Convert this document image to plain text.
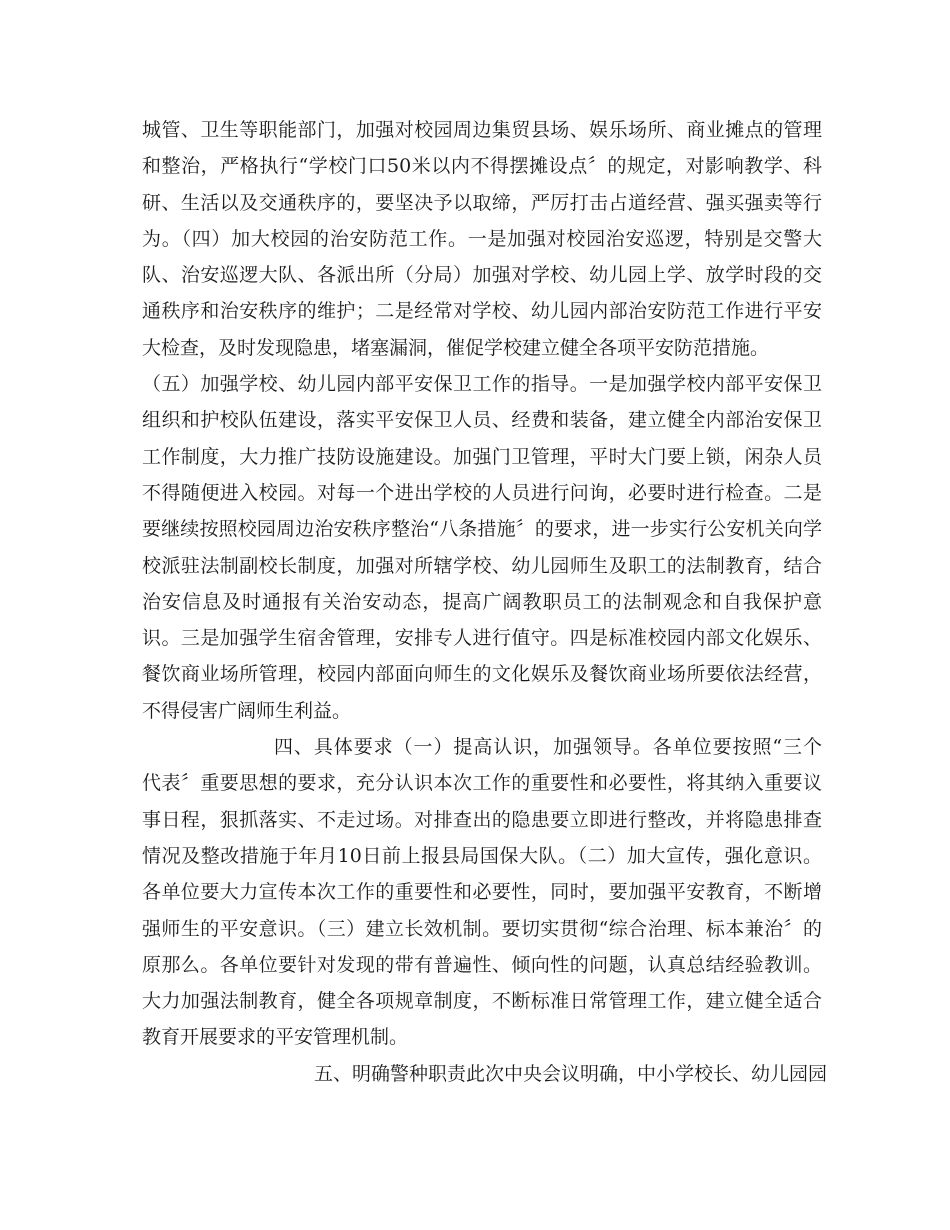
城管、卫生等职能部门，加强对校园周边集贸县场、娱乐场所、商业摊点的管理
和整治，严格执行“学校门口50米以内不得摆摊设点〞的规定，对影响教学、科
研、生活以及交通秩序的，要坚决予以取缔，严厉打击占道经营、强买强卖等行
为。（四）加大校园的治安防范工作。一是加强对校园治安巡逻，特别是交警大
队、治安巡逻大队、各派出所（分局）加强对学校、幼儿园上学、放学时段的交
通秩序和治安秩序的维护；二是经常对学校、幼儿园内部治安防范工作进行平安
大检查，及时发现隐患，堵塞漏洞，催促学校建立健全各项平安防范措施。
（五）加强学校、幼儿园内部平安保卫工作的指导。一是加强学校内部平安保卫
组织和护校队伍建设，落实平安保卫人员、经费和装备，建立健全内部治安保卫
工作制度，大力推广技防设施建设。加强门卫管理，平时大门要上锁，闲杂人员
不得随便进入校园。对每一个进出学校的人员进行问询，必要时进行检查。二是
要继续按照校园周边治安秩序整治“八条措施〞的要求，进一步实行公安机关向学
校派驻法制副校长制度，加强对所辖学校、幼儿园师生及职工的法制教育，结合
治安信息及时通报有关治安动态，提高广阔教职员工的法制观念和自我保护意
识。三是加强学生宿舍管理，安排专人进行值守。四是标准校园内部文化娱乐、
餐饮商业场所管理，校园内部面向师生的文化娱乐及餐饮商业场所要依法经营，
不得侵害广阔师生利益。
四、具体要求（一）提高认识，加强领导。各单位要按照“三个
代表〞重要思想的要求，充分认识本次工作的重要性和必要性，将其纳入重要议
事日程，狠抓落实、不走过场。对排查出的隐患要立即进行整改，并将隐患排查
情况及整改措施于年月10日前上报县局国保大队。（二）加大宣传，强化意识。
各单位要大力宣传本次工作的重要性和必要性，同时，要加强平安教育，不断增
强师生的平安意识。（三）建立长效机制。要切实贯彻“综合治理、标本兼治〞的
原那么。各单位要针对发现的带有普遍性、倾向性的问题，认真总结经验教训。
大力加强法制教育，健全各项规章制度，不断标准日常管理工作，建立健全适合
教育开展要求的平安管理机制。
五、明确警种职责此次中央会议明确，中小学校长、幼儿园园
